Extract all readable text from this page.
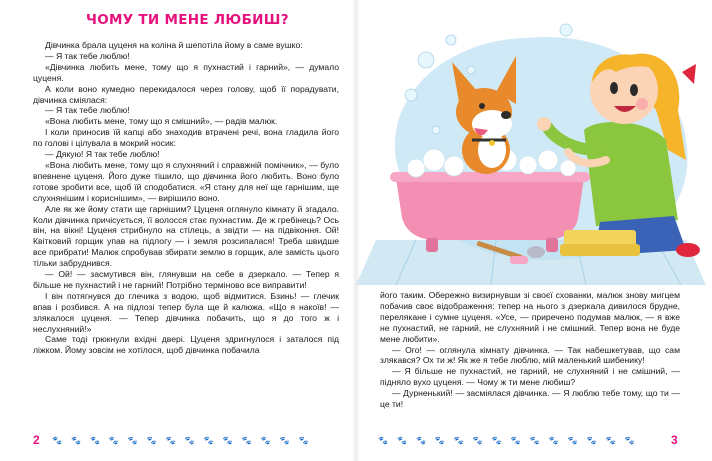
ЧОМУ ТИ МЕНЕ ЛЮБИШ?

Дівчинка брала цуценя на коліна й шепотіла йому в саме вушко:

— Я так тебе люблю!

«Дівчинка любить мене, тому що я пухнастий і гарний», — думало цуценя.

А коли воно кумедно перекидалося через голову, щоб її порадувати, дівчинка сміялася:

— Я так тебе люблю!

«Вона любить мене, тому що я смішний», — радів малюк.

І коли приносив їй капці або знаходив втрачені речі, вона гладила його по голові і цілувала в мокрий носик:

— Дякую! Я так тебе люблю!

«Вона любить мене, тому що я слухняний і справжній помічник», — було впевнене цуценя. Його дуже тішило, що дівчинка його любить. Воно було готове зробити все, щоб їй сподобатися. «Я стану для неї ще гарнішим, ще слухнянішим і кориснішим», — вирішило воно.

Але як же йому стати ще гарнішим? Цуценя оглянуло кімнату й згадало. Коли дівчинка причісується, її волосся стає пухнастим. Де ж гребінець? Ось він, на вікні! Цуценя стрибнуло на стілець, а звідти — на підвіконня. Ой! Квітковий горщик упав на підлогу — і земля розсипалася! Треба швидше все прибрати! Малюк спробував збирати землю в горщик, але замість цього тільки забруднився.

— Ой! — засмутився він, глянувши на себе в дзеркало. — Тепер я більше не пухнастий і не гарний! Потрібно терміново все виправити!

І він потягнувся до глечика з водою, щоб відмитися. Бзинь! — глечик впав і розбився. А на підлозі тепер була ще й калюжа. «Що я накоїв! — злякалося цуценя. — Тепер дівчинка побачить, що я до того ж і неслухняний!»

Саме тоді грюкнули вхідні двері. Цуценя здригнулося і заталося під ліжком. Йому зовсім не хотілося, щоб дівчинка побачила

2 🐾 🐾 🐾 🐾 🐾 🐾 🐾 🐾 🐾 🐾 🐾 🐾 🐾 🐾

його таким. Обережно визирнувши зі своєї схованки, малюк знову мигцем побачив своє відображення: тепер на нього з дзеркала дивилося брудне, перелякане і сумне цуценя. «Усе, — приречено подумав малюк, — я вже не пухнастий, не гарний, не слухняний і не смішний. Тепер вона не буде мене любити».

— Ого! — оглянула кімнату дівчинка. — Так набешкетував, що сам злякався? Ох ти ж! Як же я тебе люблю, мій маленький шибенику!

— Я більше не пухнастий, не гарний, не слухняний і не смішний, — підняло вухо цуценя. — Чому ж ти мене любиш?

— Дурненький! — засміялася дівчинка. — Я люблю тебе тому, що ти — це ти!

🐾 🐾 🐾 🐾 🐾 🐾 🐾 🐾 🐾 🐾 🐾 🐾 🐾 🐾	3
